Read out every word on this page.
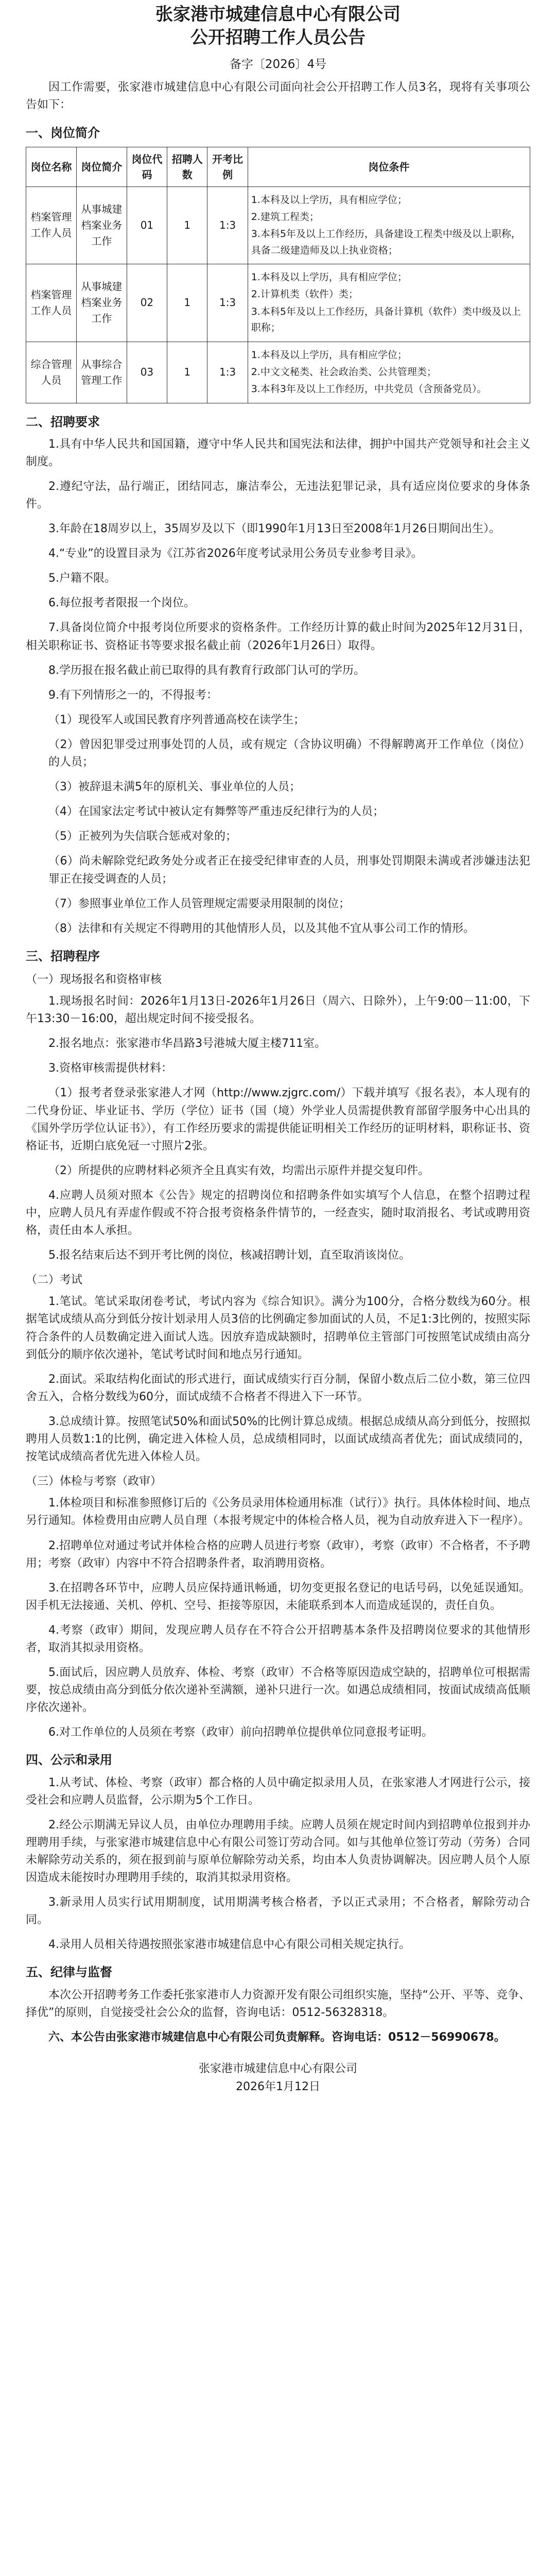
张家港市城建信息中心有限公司
公开招聘工作人员公告
备字〔2026〕4号

因工作需要，张家港市城建信息中心有限公司面向社会公开招聘工作人员3名，现将有关事项公告如下：

一、岗位简介
岗位名称	岗位简介	岗位代码	招聘人数	开考比例	岗位条件
档案管理工作人员	从事城建档案业务工作	01	1	1:3	1.本科及以上学历，具有相应学位；
2.建筑工程类；
3.本科5年及以上工作经历，具备建设工程类中级及以上职称，具备二级建造师及以上执业资格；

档案管理工作人员	从事城建档案业务工作	02	1	1:3	1.本科及以上学历，具有相应学位；
2.计算机类（软件）类；
3.本科5年及以上工作经历，具备计算机（软件）类中级及以上职称；

综合管理人员	从事综合管理工作	03	1	1:3	1.本科及以上学历，具有相应学位；
2.中文文秘类、社会政治类、公共管理类；
3.本科3年及以上工作经历，中共党员（含预备党员）。
二、招聘要求

1.具有中华人民共和国国籍，遵守中华人民共和国宪法和法律，拥护中国共产党领导和社会主义制度。

2.遵纪守法，品行端正，团结同志，廉洁奉公，无违法犯罪记录，具有适应岗位要求的身体条件。

3.年龄在18周岁以上，35周岁及以下（即1990年1月13日至2008年1月26日期间出生）。

4.“专业”的设置目录为《江苏省2026年度考试录用公务员专业参考目录》。

5.户籍不限。

6.每位报考者限报一个岗位。

7.具备岗位简介中报考岗位所要求的资格条件。工作经历计算的截止时间为2025年12月31日，相关职称证书、资格证书等要求报名截止前（2026年1月26日）取得。

8.学历报在报名截止前已取得的具有教育行政部门认可的学历。

9.有下列情形之一的，不得报考：

（1）现役军人或国民教育序列普通高校在读学生；

（2）曾因犯罪受过刑事处罚的人员，或有规定（含协议明确）不得解聘离开工作单位（岗位）的人员；

（3）被辞退未满5年的原机关、事业单位的人员；

（4）在国家法定考试中被认定有舞弊等严重违反纪律行为的人员；

（5）正被列为失信联合惩戒对象的；

（6）尚未解除党纪政务处分或者正在接受纪律审查的人员，刑事处罚期限未满或者涉嫌违法犯罪正在接受调查的人员；

（7）参照事业单位工作人员管理规定需要录用限制的岗位；

（8）法律和有关规定不得聘用的其他情形人员，以及其他不宜从事公司工作的情形。

三、招聘程序
（一）现场报名和资格审核

1.现场报名时间：2026年1月13日-2026年1月26日（周六、日除外），上午9:00－11:00，下午13:30－16:00，超出规定时间不接受报名。

2.报名地点：张家港市华昌路3号港城大厦主楼711室。

3.资格审核需提供材料：

（1）报考者登录张家港人才网（http://www.zjgrc.com/）下载并填写《报名表》，本人现有的二代身份证、毕业证书、学历（学位）证书（国（境）外学业人员需提供教育部留学服务中心出具的《国外学历学位认证书》），有工作经历要求的需提供能证明相关工作经历的证明材料，职称证书、资格证书，近期白底免冠一寸照片2张。

（2）所提供的应聘材料必须齐全且真实有效，均需出示原件并提交复印件。

4.应聘人员须对照本《公告》规定的招聘岗位和招聘条件如实填写个人信息，在整个招聘过程中，应聘人员凡有弄虚作假或不符合报考资格条件情节的，一经查实，随时取消报名、考试或聘用资格，责任由本人承担。

5.报名结束后达不到开考比例的岗位，核减招聘计划，直至取消该岗位。

（二）考试

1.笔试。笔试采取闭卷考试，考试内容为《综合知识》。满分为100分，合格分数线为60分。根据笔试成绩从高分到低分按计划录用人员3倍的比例确定参加面试的人员，不足1:3比例的，按照实际符合条件的人员数确定进入面试人选。因放弃造成缺额时，招聘单位主管部门可按照笔试成绩由高分到低分的顺序依次递补，笔试考试时间和地点另行通知。

2.面试。采取结构化面试的形式进行，面试成绩实行百分制，保留小数点后二位小数，第三位四舍五入，合格分数线为60分，面试成绩不合格者不得进入下一环节。

3.总成绩计算。按照笔试50%和面试50%的比例计算总成绩。根据总成绩从高分到低分，按照拟聘用人员数1:1的比例，确定进入体检人员，总成绩相同时，以面试成绩高者优先；面试成绩同的，按笔试成绩高者优先进入体检人员。

（三）体检与考察（政审）

1.体检项目和标准参照修订后的《公务员录用体检通用标准（试行）》执行。具体体检时间、地点另行通知。体检费用由应聘人员自理（本报考规定中的体检合格人员，视为自动放弃进入下一程序）。

2.招聘单位对通过考试并体检合格的应聘人员进行考察（政审），考察（政审）不合格者，不予聘用；考察（政审）内容中不符合招聘条件者，取消聘用资格。

3.在招聘各环节中，应聘人员应保持通讯畅通，切勿变更报名登记的电话号码，以免延误通知。因手机无法接通、关机、停机、空号、拒接等原因，未能联系到本人而造成延误的，责任自负。

4.考察（政审）期间，发现应聘人员存在不符合公开招聘基本条件及招聘岗位要求的其他情形者，取消其拟录用资格。

5.面试后，因应聘人员放弃、体检、考察（政审）不合格等原因造成空缺的，招聘单位可根据需要，按总成绩由高分到低分依次递补至满额，递补只进行一次。如遇总成绩相同，按面试成绩高低顺序依次递补。

6.对工作单位的人员须在考察（政审）前向招聘单位提供单位同意报考证明。

四、公示和录用

1.从考试、体检、考察（政审）都合格的人员中确定拟录用人员，在张家港人才网进行公示，接受社会和应聘人员监督，公示期为5个工作日。

2.经公示期满无异议人员，由单位办理聘用手续。应聘人员须在规定时间内到招聘单位报到并办理聘用手续，与张家港市城建信息中心有限公司签订劳动合同。如与其他单位签订劳动（劳务）合同未解除劳动关系的，须在报到前与原单位解除劳动关系，均由本人负责协调解决。因应聘人员个人原因造成未能按时办理聘用手续的，取消其拟录用资格。

3.新录用人员实行试用期制度，试用期满考核合格者，予以正式录用；不合格者，解除劳动合同。

4.录用人员相关待遇按照张家港市城建信息中心有限公司相关规定执行。

五、纪律与监督

本次公开招聘考务工作委托张家港市人力资源开发有限公司组织实施，坚持“公开、平等、竞争、择优”的原则，自觉接受社会公众的监督，咨询电话：0512-56328318。

六、本公告由张家港市城建信息中心有限公司负责解释。咨询电话：0512－56990678。

张家港市城建信息中心有限公司
2026年1月12日
